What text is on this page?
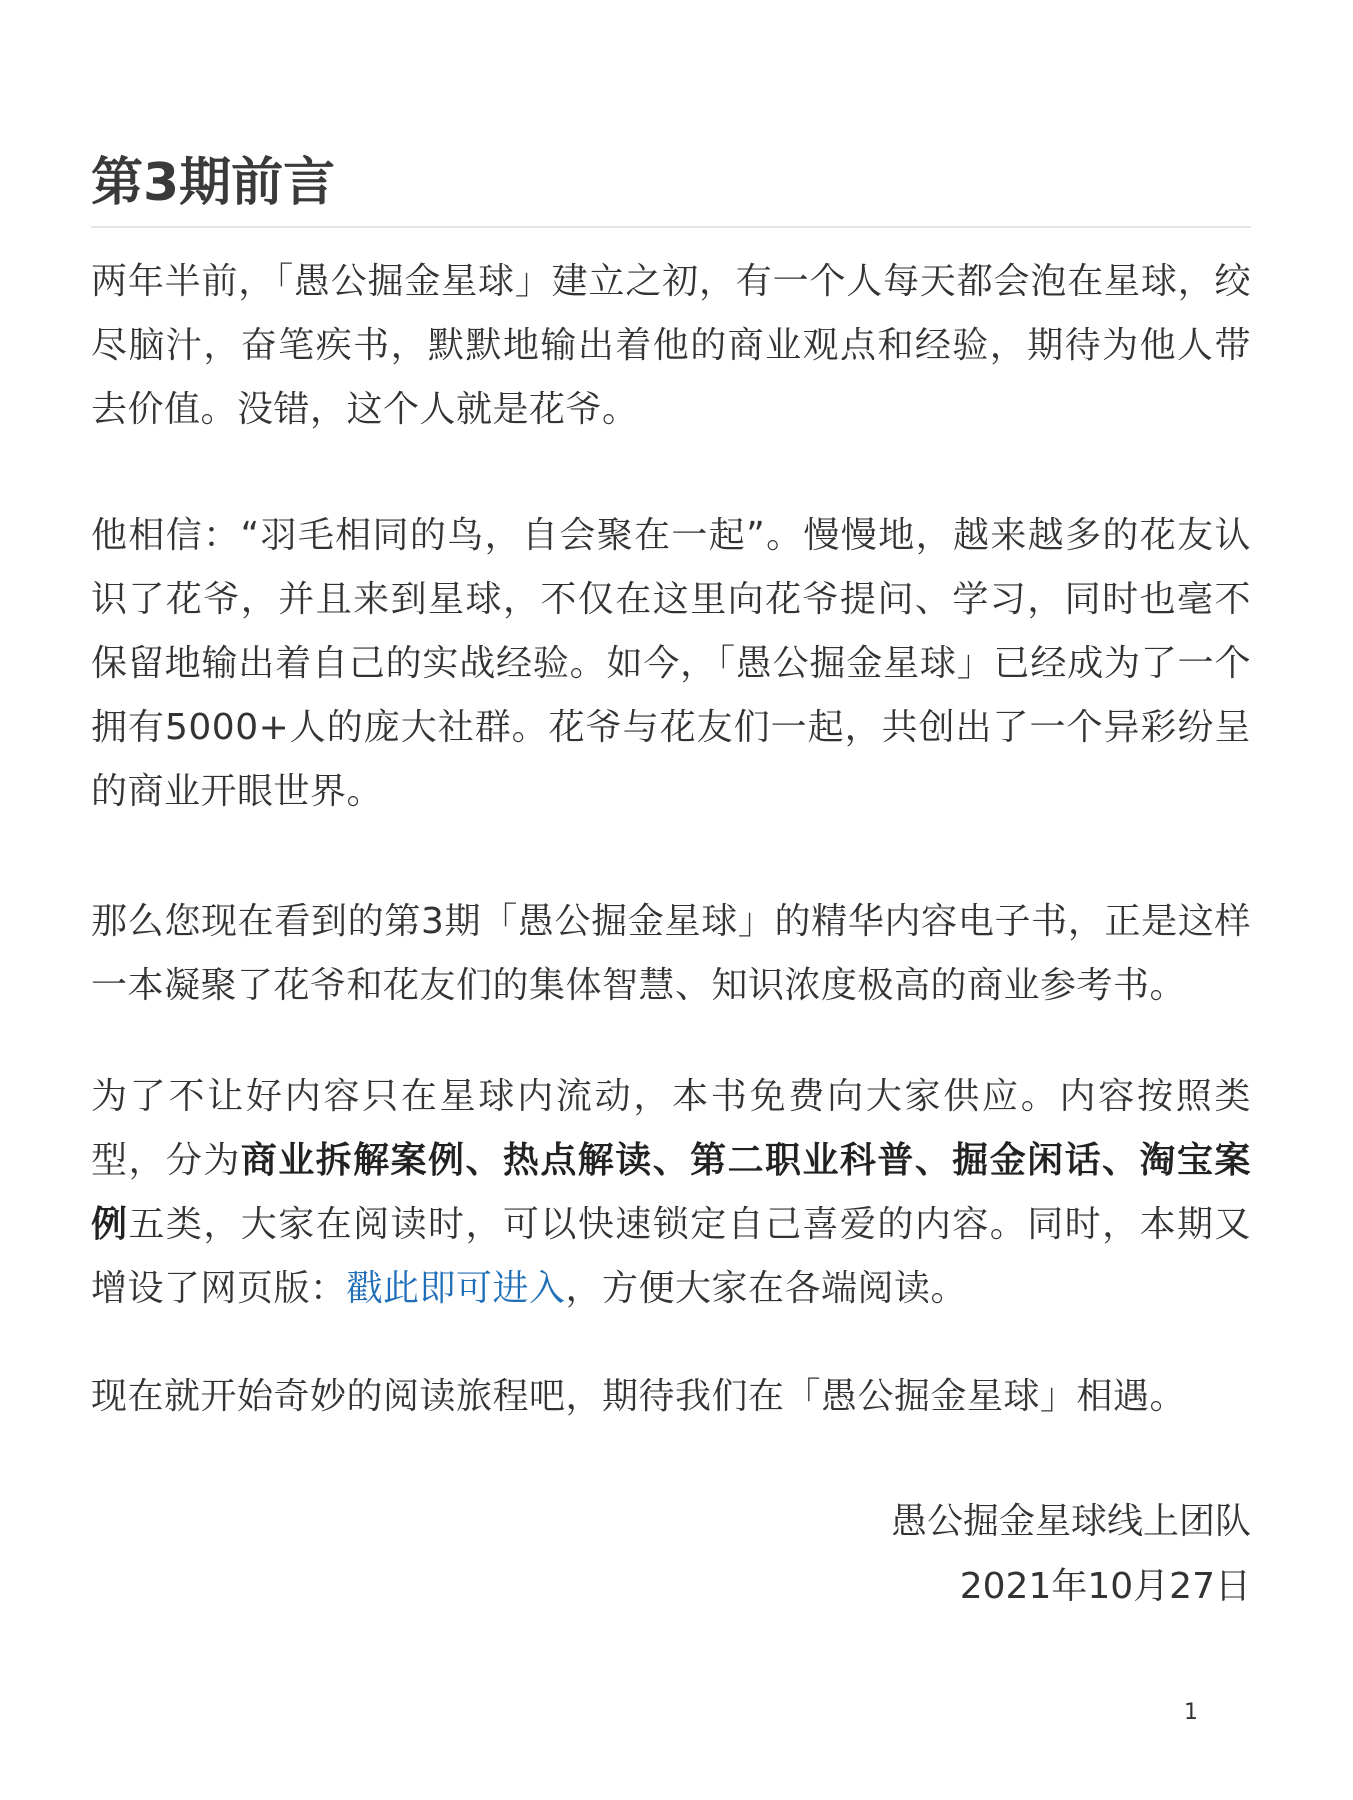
第3期前言

两年半前，「愚公掘金星球」建立之初，有一个人每天都会泡在星球，绞尽脑汁，奋笔疾书，默默地输出着他的商业观点和经验，期待为他人带去价值。没错，这个人就是花爷。

他相信：“羽毛相同的鸟，自会聚在一起”。慢慢地，越来越多的花友认识了花爷，并且来到星球，不仅在这里向花爷提问、学习，同时也毫不保留地输出着自己的实战经验。如今，「愚公掘金星球」已经成为了一个拥有5000+人的庞大社群。花爷与花友们一起，共创出了一个异彩纷呈的商业开眼世界。

那么您现在看到的第3期「愚公掘金星球」的精华内容电子书，正是这样一本凝聚了花爷和花友们的集体智慧、知识浓度极高的商业参考书。

为了不让好内容只在星球内流动，本书免费向大家供应。内容按照类型，分为商业拆解案例、热点解读、第二职业科普、掘金闲话、淘宝案例五类，大家在阅读时，可以快速锁定自己喜爱的内容。同时，本期又增设了网页版：戳此即可进入，方便大家在各端阅读。

现在就开始奇妙的阅读旅程吧，期待我们在「愚公掘金星球」相遇。

愚公掘金星球线上团队

2021年10月27日

1
